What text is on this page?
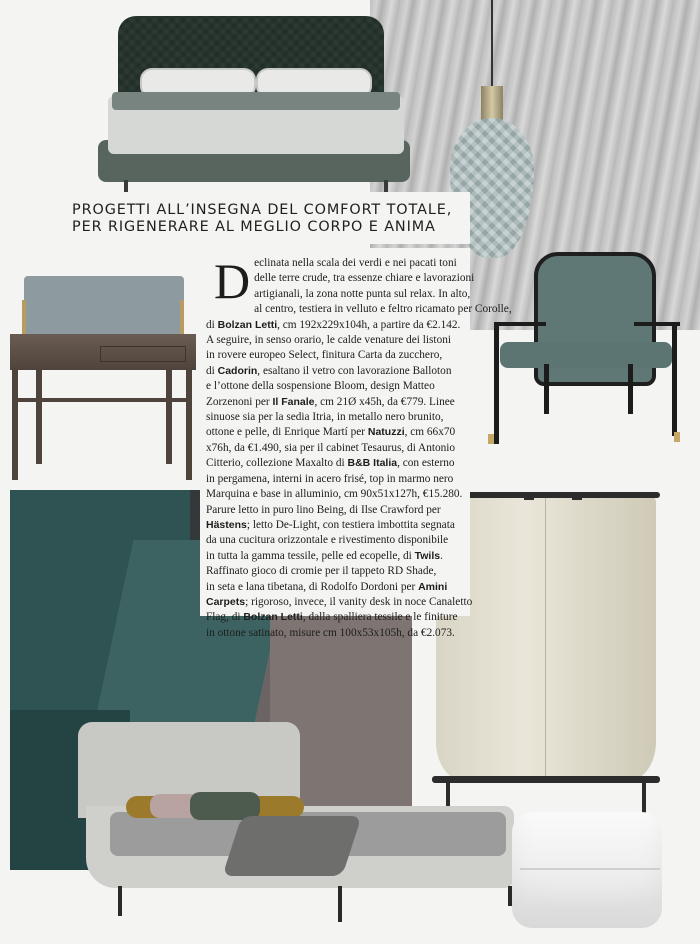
PROGETTI ALL’INSEGNA DEL COMFORT TOTALE,
PER RIGENERARE AL MEGLIO CORPO E ANIMA

D eclinata nella scala dei verdi e nei pacati toni
delle terre crude, tra essenze chiare e lavorazioni
artigianali, la zona notte punta sul relax. In alto,
al centro, testiera in velluto e feltro ricamato per Corolle,
di Bolzan Letti, cm 192x229x104h, a partire da €2.142.
A seguire, in senso orario, le calde venature dei listoni
in rovere europeo Select, finitura Carta da zucchero,
di Cadorin, esaltano il vetro con lavorazione Balloton
e l’ottone della sospensione Bloom, design Matteo
Zorzenoni per Il Fanale, cm 21Ø x45h, da €779. Linee
sinuose sia per la sedia Itria, in metallo nero brunito,
ottone e pelle, di Enrique Martí per Natuzzi, cm 66x70
x76h, da €1.490, sia per il cabinet Tesaurus, di Antonio
Citterio, collezione Maxalto di B&B Italia, con esterno
in pergamena, interni in acero frisé, top in marmo nero
Marquina e base in alluminio, cm 90x51x127h, €15.280.
Parure letto in puro lino Being, di Ilse Crawford per
Hästens; letto De-Light, con testiera imbottita segnata
da una cucitura orizzontale e rivestimento disponibile
in tutta la gamma tessile, pelle ed ecopelle, di Twils.
Raffinato gioco di cromie per il tappeto RD Shade,
in seta e lana tibetana, di Rodolfo Dordoni per Amini
Carpets; rigoroso, invece, il vanity desk in noce Canaletto
Flag, di Bolzan Letti, dalla spalliera tessile e le finiture
in ottone satinato, misure cm 100x53x105h, da €2.073.
